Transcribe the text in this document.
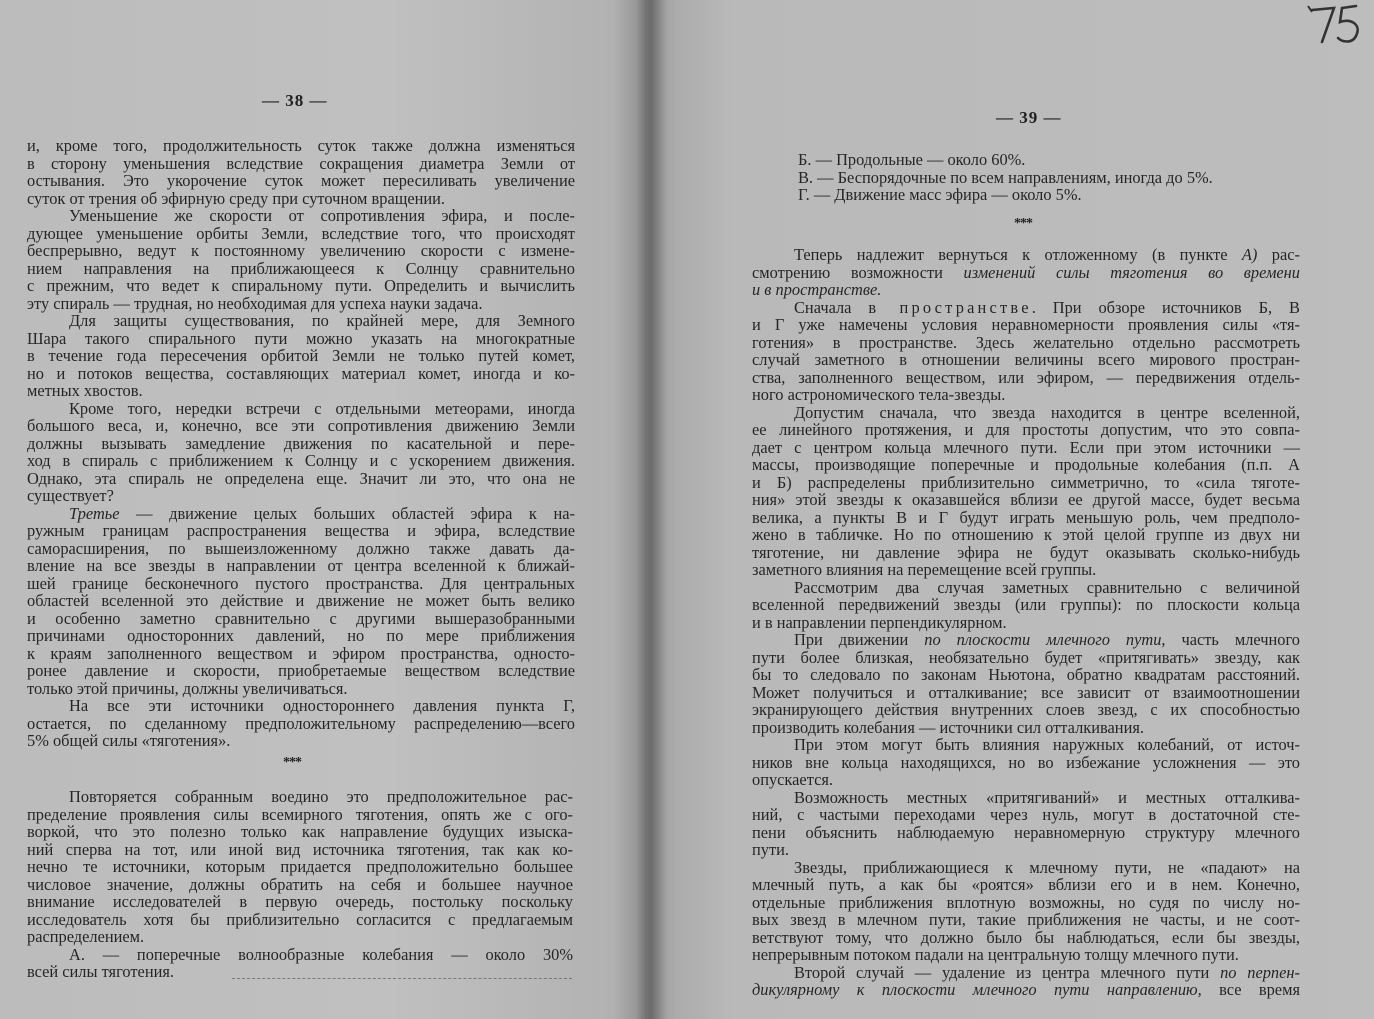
— 38 —
и, кроме того, продолжительность суток также должна изменяться
в сторону уменьшения вследствие сокращения диаметра Земли от
остывания. Это укорочение суток может пересиливать увеличение
суток от трения об эфирную среду при суточном вращении.
Уменьшение же скорости от сопротивления эфира, и после-
дующее уменьшение орбиты Земли, вследствие того, что происходят
беспрерывно, ведут к постоянному увеличению скорости с измене-
нием направления на приближающееся к Солнцу сравнительно
с прежним, что ведет к спиральному пути. Определить и вычислить
эту спираль — трудная, но необходимая для успеха науки задача.
Для защиты существования, по крайней мере, для Земного
Шара такого спирального пути можно указать на многократные
в течение года пересечения орбитой Земли не только путей комет,
но и потоков вещества, составляющих материал комет, иногда и ко-
метных хвостов.
Кроме того, нередки встречи с отдельными метеорами, иногда
большого веса, и, конечно, все эти сопротивления движению Земли
должны вызывать замедление движения по касательной и пере-
ход в спираль с приближением к Солнцу и с ускорением движения.
Однако, эта спираль не определена еще. Значит ли это, что она не
существует?
Третье — движение целых больших областей эфира к на-
ружным границам распространения вещества и эфира, вследствие
саморасширения, по вышеизложенному должно также давать да-
вление на все звезды в направлении от центра вселенной к ближай-
шей границе бесконечного пустого пространства. Для центральных
областей вселенной это действие и движение не может быть велико
и особенно заметно сравнительно с другими вышеразобранными
причинами односторонних давлений, но по мере приближения
к краям заполненного веществом и эфиром пространства, односто-
ронее давление и скорости, приобретаемые веществом вследствие
только этой причины, должны увеличиваться.
На все эти источники одностороннего давления пункта Г,
остается, по сделанному предположительному распределению—всего
5% общей силы «тяготения».
***
Повторяется собранным воедино это предположительное рас-
пределение проявления силы всемирного тяготения, опять же с ого-
воркой, что это полезно только как направление будущих изыска-
ний сперва на тот, или иной вид источника тяготения, так как ко-
нечно те источники, которым придается предположительно большее
числовое значение, должны обратить на себя и большее научное
внимание исследователей в первую очередь, постольку поскольку
исследователь хотя бы приблизительно согласится с предлагаемым
распределением.
А. — поперечные волнообразные колебания — около 30%
всей силы тяготения.
— 39 —
Б. — Продольные — около 60%.
В. — Беспорядочные по всем направлениям, иногда до 5%.
Г. — Движение масс эфира — около 5%.
***
Теперь надлежит вернуться к отложенному (в пункте А) рас-
смотрению возможности изменений силы тяготения во времени
и в пространстве.
Сначала в пространстве. При обзоре источников Б, В
и Г уже намечены условия неравномерности проявления силы «тя-
готения» в пространстве. Здесь желательно отдельно рассмотреть
случай заметного в отношении величины всего мирового простран-
ства, заполненного веществом, или эфиром, — передвижения отдель-
ного астрономического тела-звезды.
Допустим сначала, что звезда находится в центре вселенной,
ее линейного протяжения, и для простоты допустим, что это совпа-
дает с центром кольца млечного пути. Если при этом источники —
массы, производящие поперечные и продольные колебания (п.п. А
и Б) распределены приблизительно симметрично, то «сила тяготе-
ния» этой звезды к оказавшейся вблизи ее другой массе, будет весьма
велика, а пункты В и Г будут играть меньшую роль, чем предполо-
жено в табличке. Но по отношению к этой целой группе из двух ни
тяготение, ни давление эфира не будут оказывать сколько-нибудь
заметного влияния на перемещение всей группы.
Рассмотрим два случая заметных сравнительно с величиной
вселенной передвижений звезды (или группы): по плоскости кольца
и в направлении перпендикулярном.
При движении по плоскости млечного пути, часть млечного
пути более близкая, необязательно будет «притягивать» звезду, как
бы то следовало по законам Ньютона, обратно квадратам расстояний.
Может получиться и отталкивание; все зависит от взаимоотношении
экранирующего действия внутренних слоев звезд, с их способностью
производить колебания — источники сил отталкивания.
При этом могут быть влияния наружных колебаний, от источ-
ников вне кольца находящихся, но во избежание усложнения — это
опускается.
Возможность местных «притягиваний» и местных отталкива-
ний, с частыми переходами через нуль, могут в достаточной сте-
пени объяснить наблюдаемую неравномерную структуру млечного
пути.
Звезды, приближающиеся к млечному пути, не «падают» на
млечный путь, а как бы «роятся» вблизи его и в нем. Конечно,
отдельные приближения вплотную возможны, но судя по числу но-
вых звезд в млечном пути, такие приближения не часты, и не соот-
ветствуют тому, что должно было бы наблюдаться, если бы звезды,
непрерывным потоком падали на центральную толщу млечного пути.
Второй случай — удаление из центра млечного пути по перпен-
дикулярному к плоскости млечного пути направлению, все время
